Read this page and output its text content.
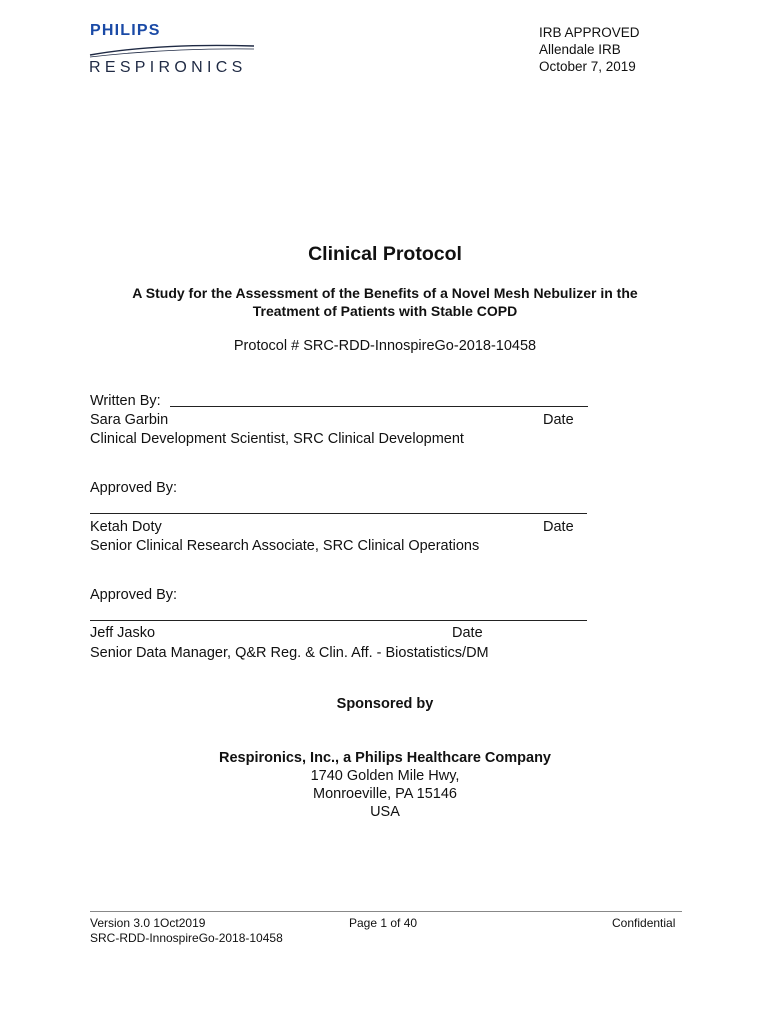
PHILIPS
RESPIRONICS
IRB APPROVED
Allendale IRB
October 7, 2019
Clinical Protocol
A Study for the Assessment of the Benefits of a Novel Mesh Nebulizer in the
Treatment of Patients with Stable COPD
Protocol # SRC-RDD-InnospireGo-2018-10458
Written By:
Sara Garbin	Date
Clinical Development Scientist, SRC Clinical Development
Approved By:
Ketah Doty	Date
Senior Clinical Research Associate, SRC Clinical Operations
Approved By:
Jeff Jasko	Date
Senior Data Manager, Q&R Reg. & Clin. Aff. - Biostatistics/DM
Sponsored by
Respironics, Inc., a Philips Healthcare Company
1740 Golden Mile Hwy,
Monroeville, PA 15146
USA
Version 3.0 1Oct2019
SRC-RDD-InnospireGo-2018-10458
Page 1 of 40	Confidential
